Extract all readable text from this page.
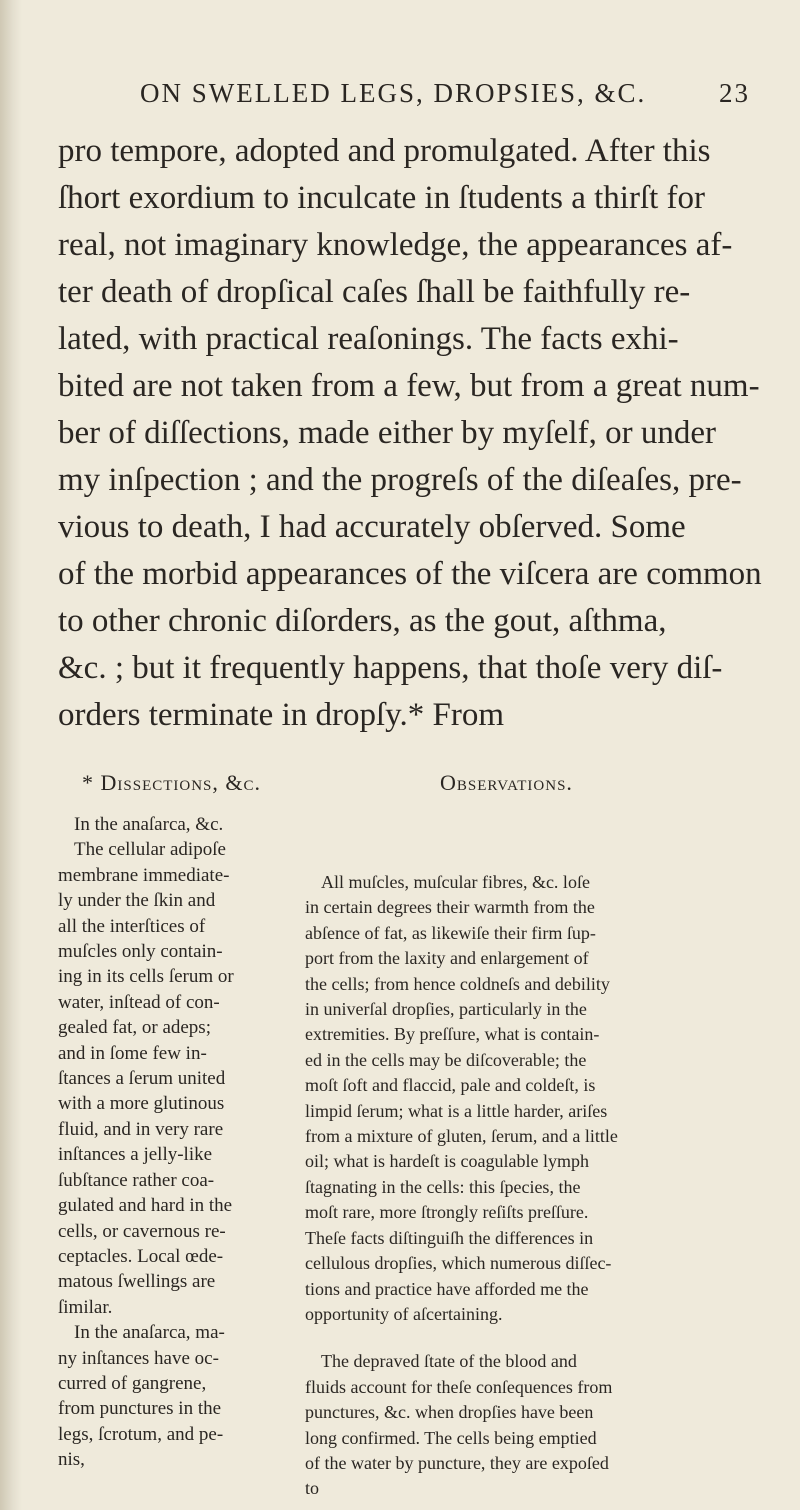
ON SWELLED LEGS, DROPSIES, &C.	23
pro tempore, adopted and promulgated. After this
ſhort exordium to inculcate in ſtudents a thirſt for
real, not imaginary knowledge, the appearances af-
ter death of dropſical caſes ſhall be faithfully re-
lated, with practical reaſonings. The facts exhi-
bited are not taken from a few, but from a great num-
ber of diſſections, made either by myſelf, or under
my inſpection ; and the progreſs of the diſeaſes, pre-
vious to death, I had accurately obſerved. Some
of the morbid appearances of the viſcera are common
to other chronic diſorders, as the gout, aſthma,
&c. ; but it frequently happens, that thoſe very diſ-
orders terminate in dropſy.* From
* Dissections, &c.	Observations.
In the anaſarca, &c.
The cellular adipoſe
membrane immediate-
ly under the ſkin and
all the interſtices of
muſcles only contain-
ing in its cells ſerum or
water, inſtead of con-
gealed fat, or adeps;
and in ſome few in-
ſtances a ſerum united
with a more glutinous
fluid, and in very rare
inſtances a jelly-like
ſubſtance rather coa-
gulated and hard in the
cells, or cavernous re-
ceptacles. Local œde-
matous ſwellings are
ſimilar.
In the anaſarca, ma-
ny inſtances have oc-
curred of gangrene,
from punctures in the
legs, ſcrotum, and pe-
nis,
All muſcles, muſcular fibres, &c. loſe
in certain degrees their warmth from the
abſence of fat, as likewiſe their firm ſup-
port from the laxity and enlargement of
the cells; from hence coldneſs and debility
in univerſal dropſies, particularly in the
extremities. By preſſure, what is contain-
ed in the cells may be diſcoverable; the
moſt ſoft and flaccid, pale and coldeſt, is
limpid ſerum; what is a little harder, ariſes
from a mixture of gluten, ſerum, and a little
oil; what is hardeſt is coagulable lymph
ſtagnating in the cells: this ſpecies, the
moſt rare, more ſtrongly reſiſts preſſure.
Theſe facts diſtinguiſh the differences in
cellulous dropſies, which numerous diſſec-
tions and practice have afforded me the
opportunity of aſcertaining.
The depraved ſtate of the blood and
fluids account for theſe conſequences from
punctures, &c. when dropſies have been
long confirmed. The cells being emptied
of the water by puncture, they are expoſed
to
